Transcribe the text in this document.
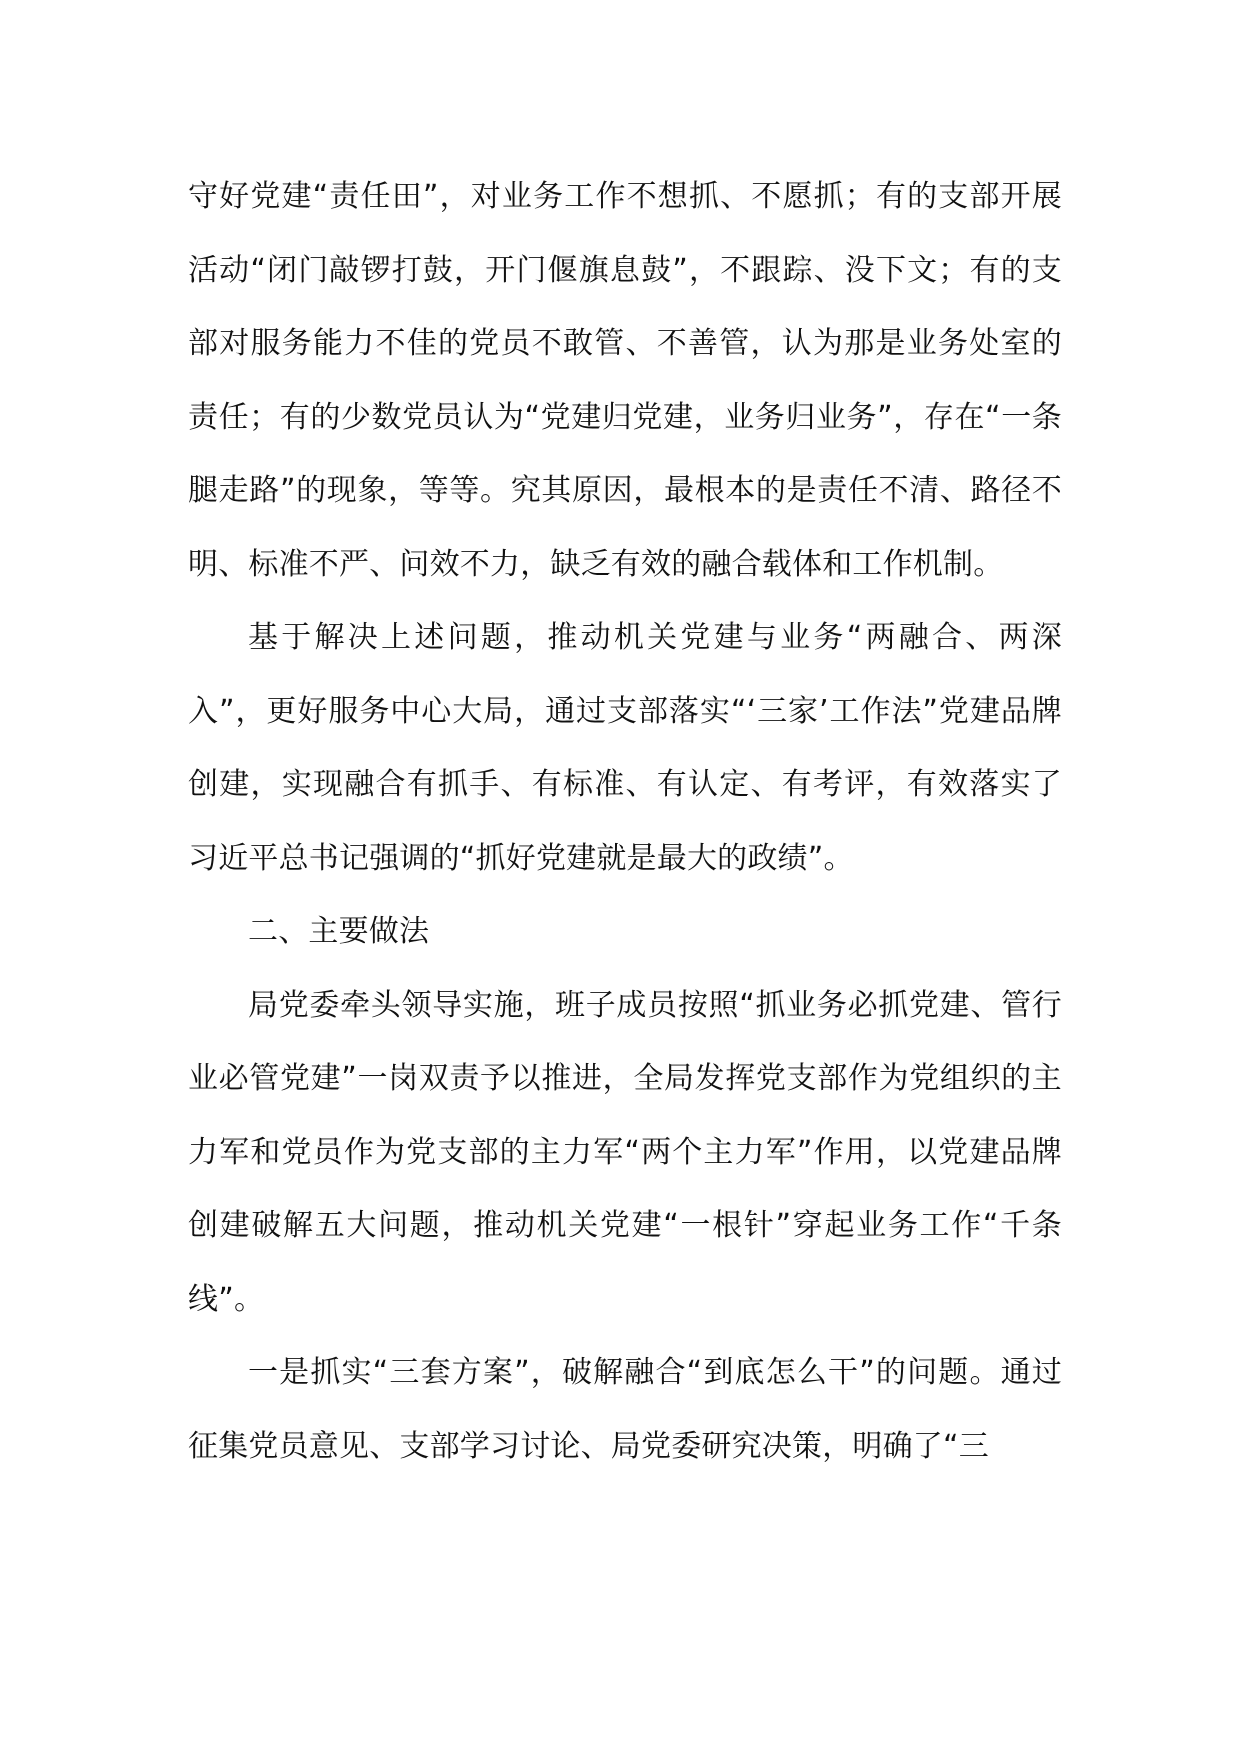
守好党建“责任田”，对业务工作不想抓、不愿抓；有的支部开展活动“闭门敲锣打鼓，开门偃旗息鼓”，不跟踪、没下文；有的支部对服务能力不佳的党员不敢管、不善管，认为那是业务处室的责任；有的少数党员认为“党建归党建，业务归业务”，存在“一条腿走路”的现象，等等。究其原因，最根本的是责任不清、路径不明、标准不严、问效不力，缺乏有效的融合载体和工作机制。

基于解决上述问题，推动机关党建与业务“两融合、两深入”，更好服务中心大局，通过支部落实“‘三家’工作法”党建品牌创建，实现融合有抓手、有标准、有认定、有考评，有效落实了习近平总书记强调的“抓好党建就是最大的政绩”。

二、主要做法

局党委牵头领导实施，班子成员按照“抓业务必抓党建、管行业必管党建”一岗双责予以推进，全局发挥党支部作为党组织的主力军和党员作为党支部的主力军“两个主力军”作用，以党建品牌创建破解五大问题，推动机关党建“一根针”穿起业务工作“千条线”。

一是抓实“三套方案”，破解融合“到底怎么干”的问题。通过征集党员意见、支部学习讨论、局党委研究决策，明确了“三
